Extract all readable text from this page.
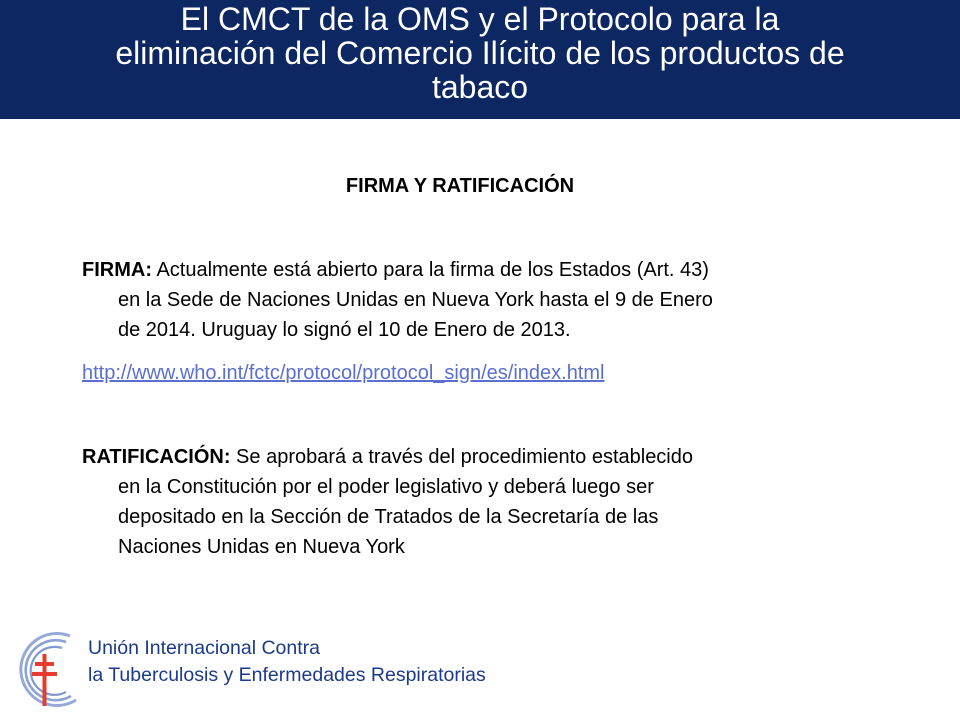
El CMCT de la OMS y el Protocolo para la
eliminación del Comercio Ilícito de los productos de
tabaco
FIRMA Y RATIFICACIÓN
FIRMA: Actualmente está abierto para la firma de los Estados (Art. 43)
en la Sede de Naciones Unidas en Nueva York hasta el 9 de Enero
de 2014. Uruguay lo signó el 10 de Enero de 2013.
http://www.who.int/fctc/protocol/protocol_sign/es/index.html
RATIFICACIÓN: Se aprobará a través del procedimiento establecido
en la Constitución por el poder legislativo y deberá luego ser
depositado en la Sección de Tratados de la Secretaría de las
Naciones Unidas en Nueva York
Unión Internacional Contra
la Tuberculosis y Enfermedades Respiratorias
